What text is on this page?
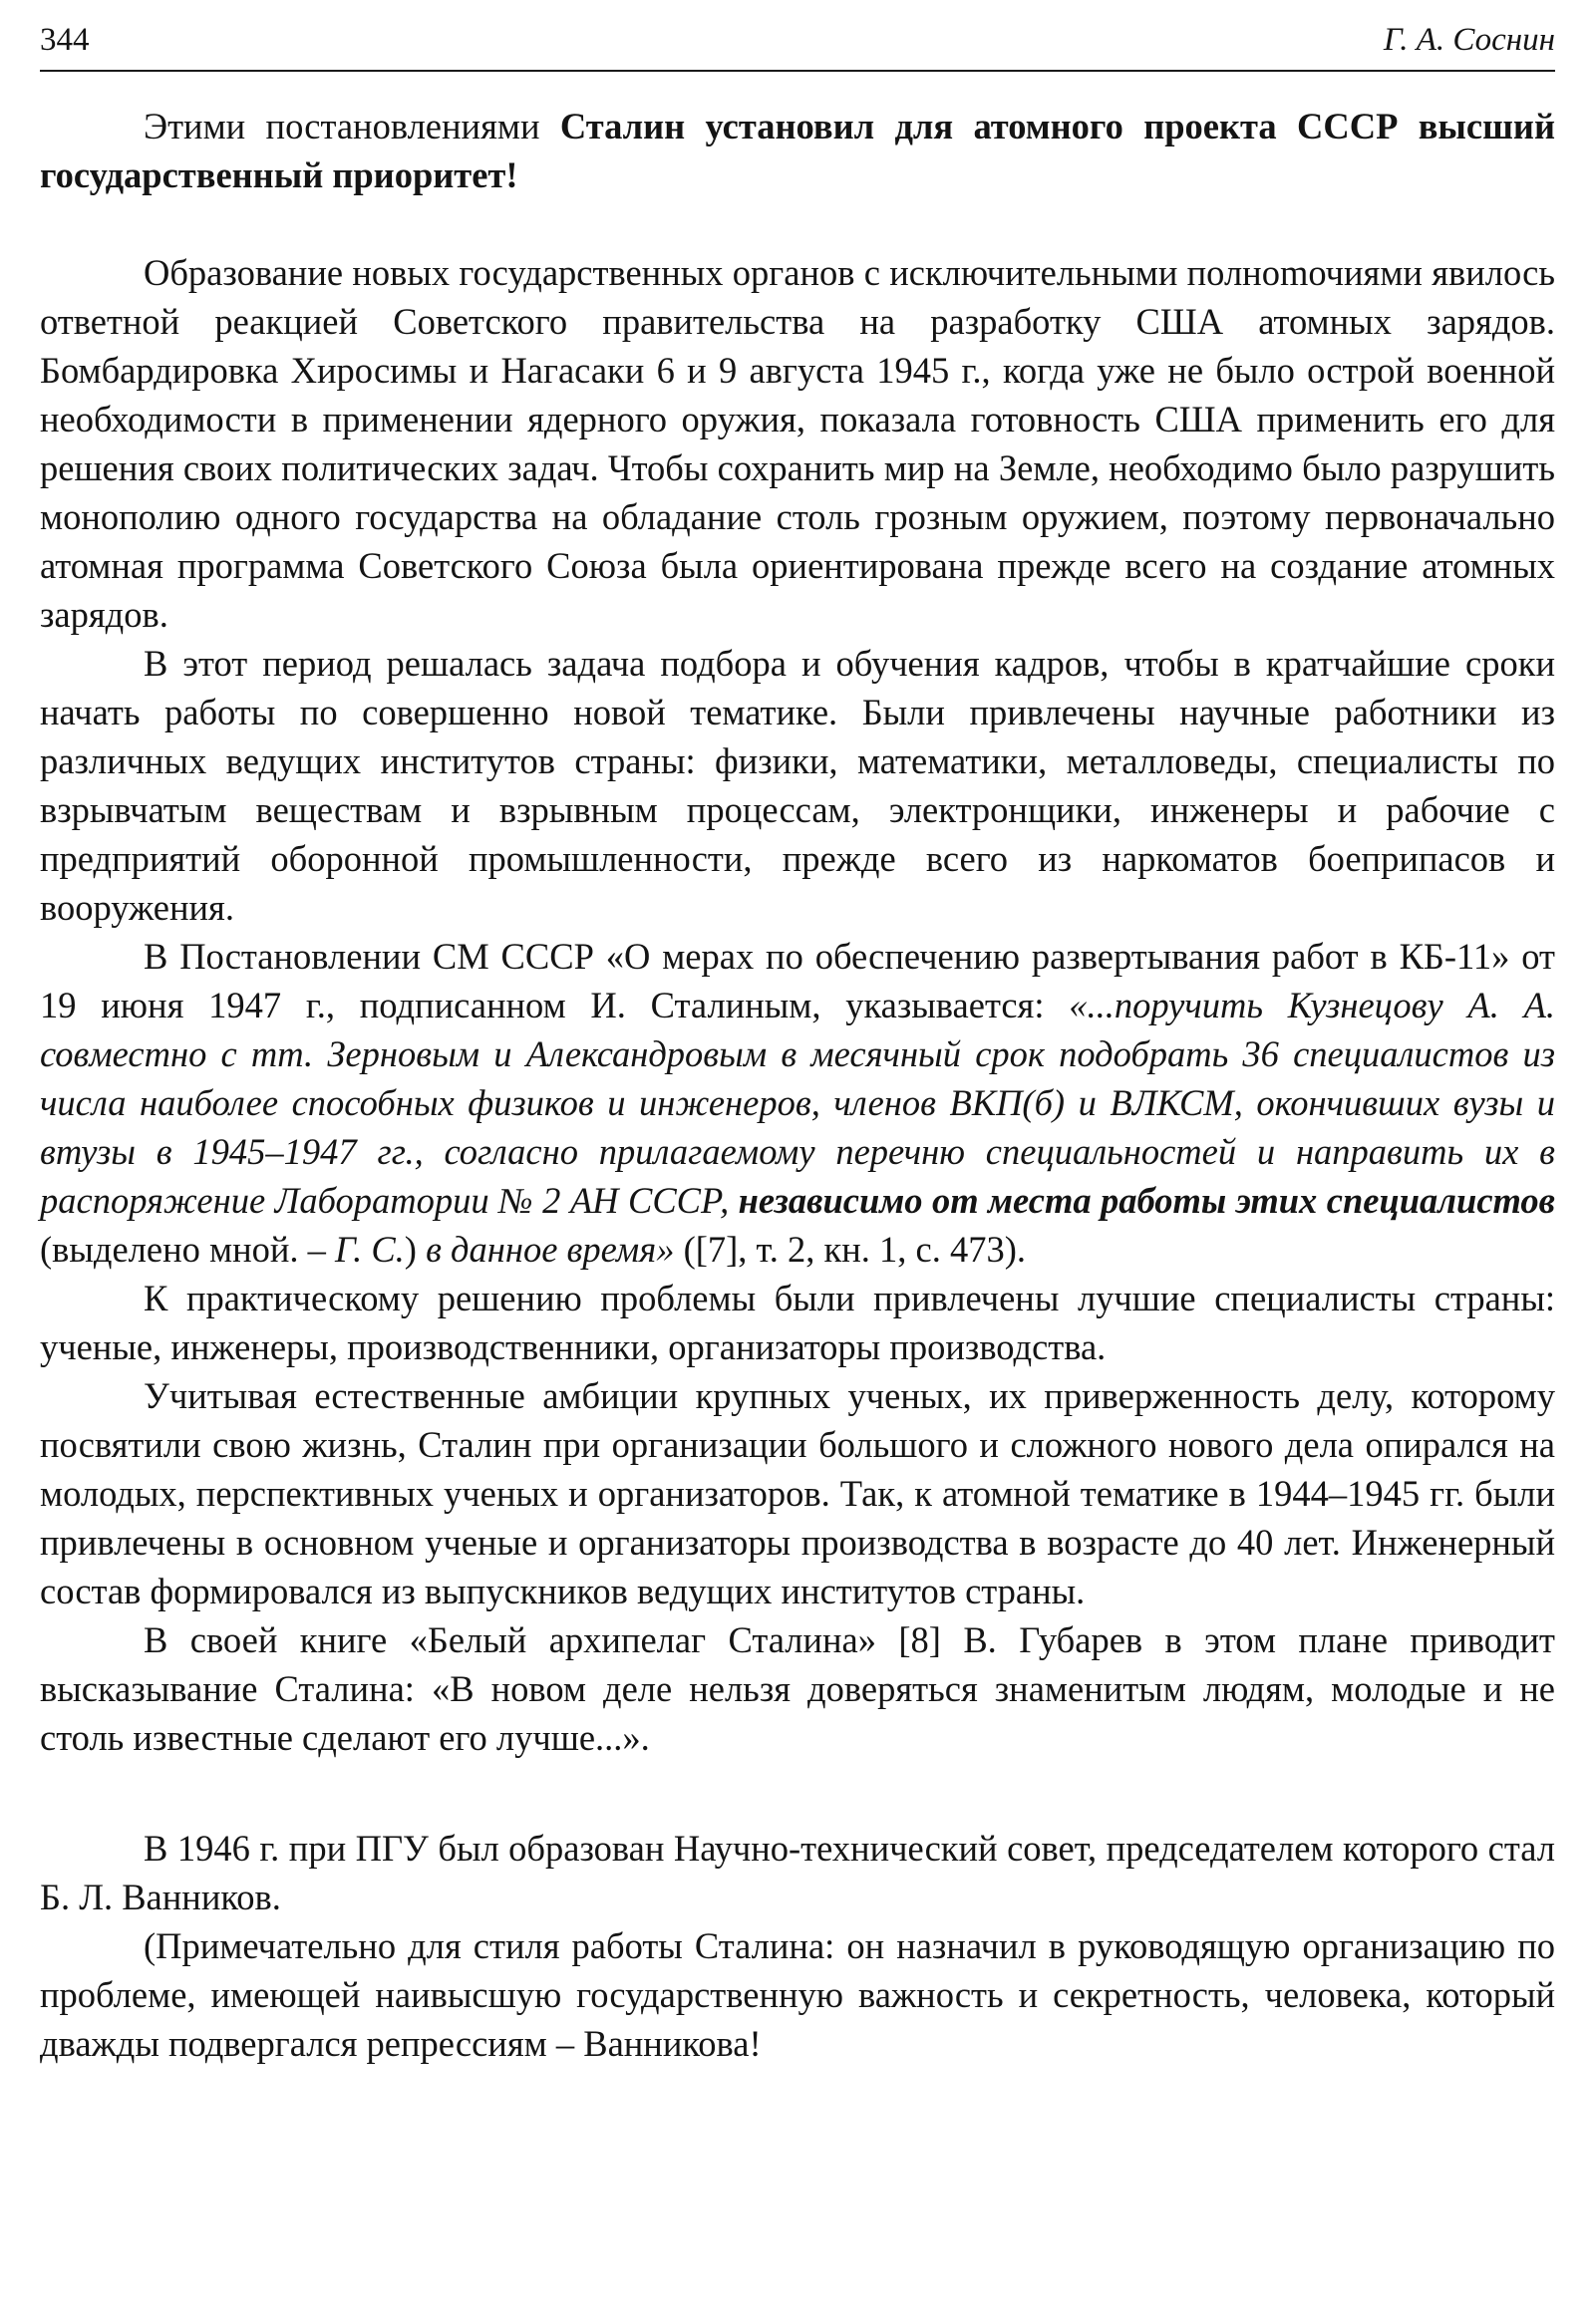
344	Г. А. Соснин

Этими постановлениями Сталин установил для атомного проекта СССР высший государственный приоритет!

Образование новых государственных органов с исключительными полноmочиями явилось ответной реакцией Советского правительства на разработку США атомных зарядов. Бомбардировка Хиросимы и Нагасаки 6 и 9 августа 1945 г., когда уже не было острой военной необходимости в применении ядерного оружия, показала готовность США применить его для решения своих политических задач. Чтобы сохранить мир на Земле, необходимо было разрушить монополию одного государства на обладание столь грозным оружием, поэтому первоначально атомная программа Советского Союза была ориентирована прежде всего на создание атомных зарядов.

В этот период решалась задача подбора и обучения кадров, чтобы в кратчайшие сроки начать работы по совершенно новой тематике. Были привлечены научные работники из различных ведущих институтов страны: физики, математики, металловеды, специалисты по взрывчатым веществам и взрывным процессам, электронщики, инженеры и рабочие с предприятий оборонной промышленности, прежде всего из наркоматов боеприпасов и вооружения.

В Постановлении СМ СССР «О мерах по обеспечению развертывания работ в КБ-11» от 19 июня 1947 г., подписанном И. Сталиным, указывается: «...поручить Кузнецову А. А. совместно с тт. Зерновым и Александровым в месячный срок подобрать 36 специалистов из числа наиболее способных физиков и инженеров, членов ВКП(б) и ВЛКСМ, окончивших вузы и втузы в 1945–1947 гг., согласно прилагаемому перечню специальностей и направить их в распоряжение Лаборатории № 2 АН СССР, независимо от места работы этих специалистов (выделено мной. – Г. С.) в данное время» ([7], т. 2, кн. 1, с. 473).

К практическому решению проблемы были привлечены лучшие специалисты страны: ученые, инженеры, производственники, организаторы производства.

Учитывая естественные амбиции крупных ученых, их приверженность делу, которому посвятили свою жизнь, Сталин при организации большого и сложного нового дела опирался на молодых, перспективных ученых и организаторов. Так, к атомной тематике в 1944–1945 гг. были привлечены в основном ученые и организаторы производства в возрасте до 40 лет. Инженерный состав формировался из выпускников ведущих институтов страны.

В своей книге «Белый архипелаг Сталина» [8] В. Губарев в этом плане приводит высказывание Сталина: «В новом деле нельзя доверяться знаменитым людям, молодые и не столь известные сделают его лучше...».

В 1946 г. при ПГУ был образован Научно-технический совет, председателем которого стал Б. Л. Ванников.

(Примечательно для стиля работы Сталина: он назначил в руководящую организацию по проблеме, имеющей наивысшую государственную важность и секретность, человека, который дважды подвергался репрессиям – Ванникова!
